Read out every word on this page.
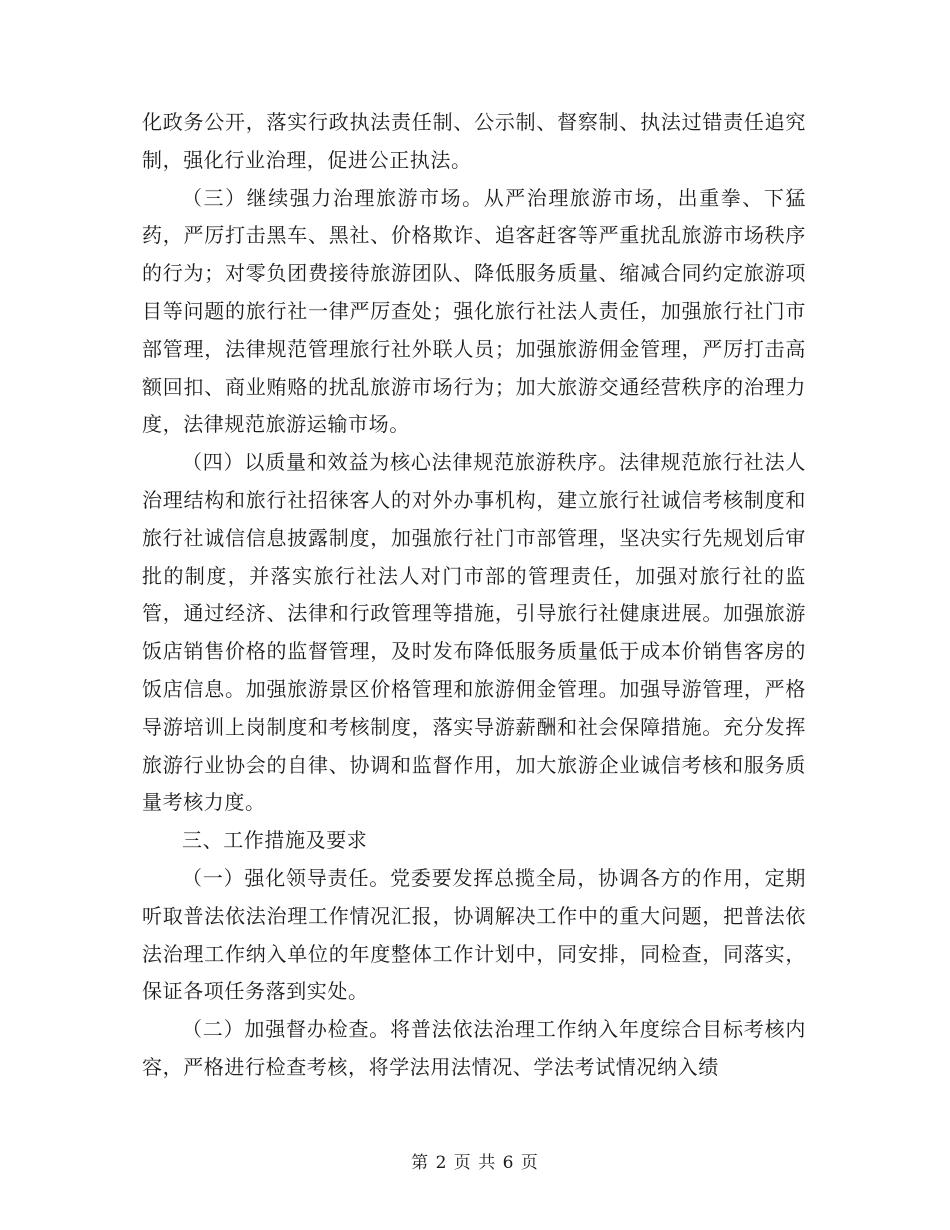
化政务公开，落实行政执法责任制、公示制、督察制、执法过错责任追究制，强化行业治理，促进公正执法。

（三）继续强力治理旅游市场。从严治理旅游市场，出重拳、下猛药，严厉打击黑车、黑社、价格欺诈、追客赶客等严重扰乱旅游市场秩序的行为；对零负团费接待旅游团队、降低服务质量、缩减合同约定旅游项目等问题的旅行社一律严厉查处；强化旅行社法人责任，加强旅行社门市部管理，法律规范管理旅行社外联人员；加强旅游佣金管理，严厉打击高额回扣、商业贿赂的扰乱旅游市场行为；加大旅游交通经营秩序的治理力度，法律规范旅游运输市场。

（四）以质量和效益为核心法律规范旅游秩序。法律规范旅行社法人治理结构和旅行社招徕客人的对外办事机构，建立旅行社诚信考核制度和旅行社诚信信息披露制度，加强旅行社门市部管理，坚决实行先规划后审批的制度，并落实旅行社法人对门市部的管理责任，加强对旅行社的监管，通过经济、法律和行政管理等措施，引导旅行社健康进展。加强旅游饭店销售价格的监督管理，及时发布降低服务质量低于成本价销售客房的饭店信息。加强旅游景区价格管理和旅游佣金管理。加强导游管理，严格导游培训上岗制度和考核制度，落实导游薪酬和社会保障措施。充分发挥旅游行业协会的自律、协调和监督作用，加大旅游企业诚信考核和服务质量考核力度。

三、工作措施及要求

（一）强化领导责任。党委要发挥总揽全局，协调各方的作用，定期听取普法依法治理工作情况汇报，协调解决工作中的重大问题，把普法依法治理工作纳入单位的年度整体工作计划中，同安排，同检查，同落实，保证各项任务落到实处。

（二）加强督办检查。将普法依法治理工作纳入年度综合目标考核内容，严格进行检查考核，将学法用法情况、学法考试情况纳入绩

第 2 页 共 6 页
